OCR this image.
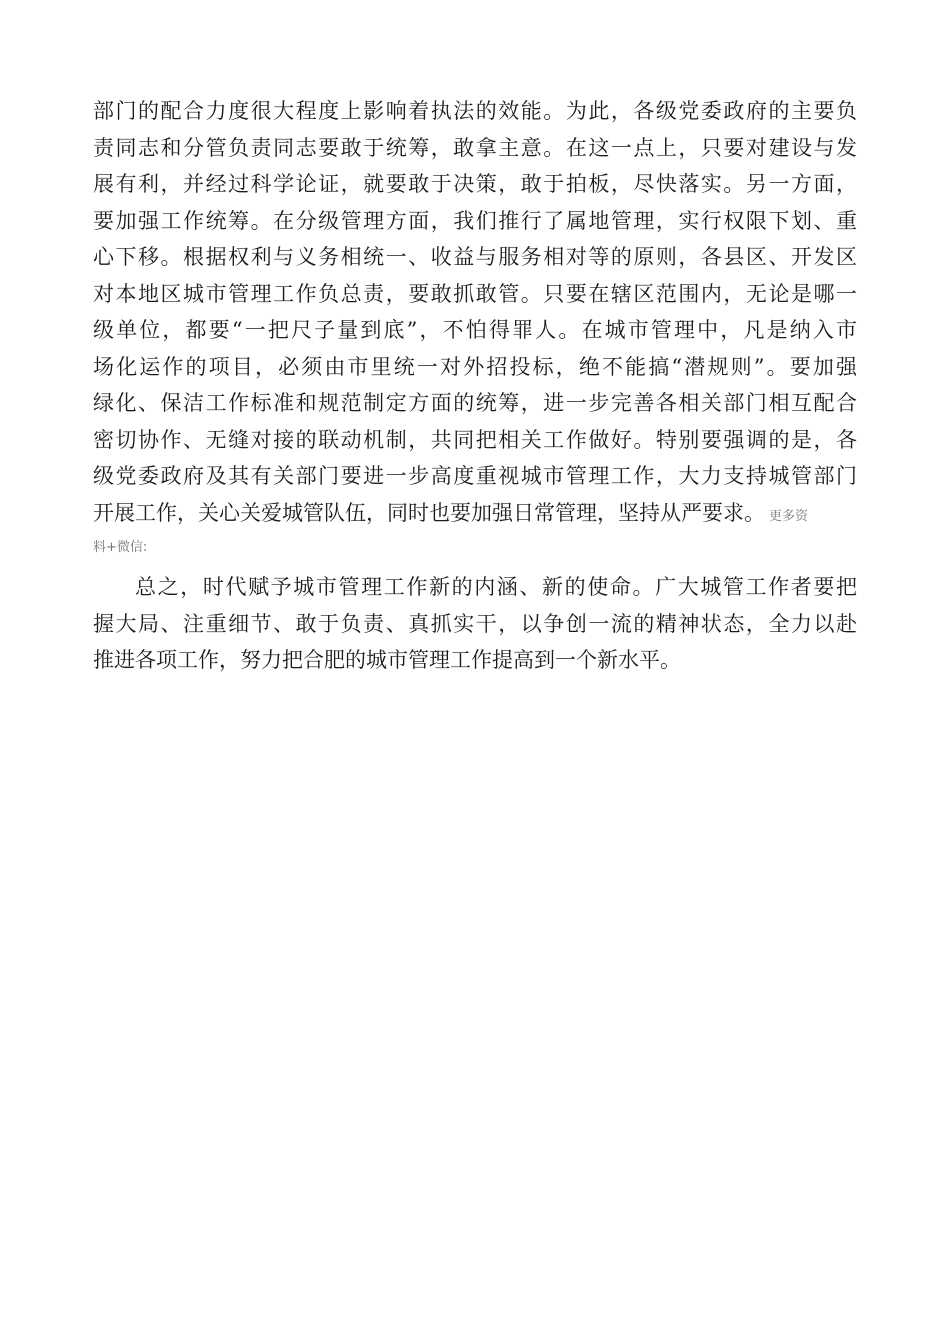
部门的配合力度很大程度上影响着执法的效能。为此，各级党委政府的主要负
责同志和分管负责同志要敢于统筹，敢拿主意。在这一点上，只要对建设与发
展有利，并经过科学论证，就要敢于决策，敢于拍板，尽快落实。另一方面，
要加强工作统筹。在分级管理方面，我们推行了属地管理，实行权限下划、重
心下移。根据权利与义务相统一、收益与服务相对等的原则，各县区、开发区
对本地区城市管理工作负总责，要敢抓敢管。只要在辖区范围内，无论是哪一
级单位，都要“一把尺子量到底”，不怕得罪人。在城市管理中，凡是纳入市
场化运作的项目，必须由市里统一对外招投标，绝不能搞“潜规则”。要加强
绿化、保洁工作标准和规范制定方面的统筹，进一步完善各相关部门相互配合
密切协作、无缝对接的联动机制，共同把相关工作做好。特别要强调的是，各
级党委政府及其有关部门要进一步高度重视城市管理工作，大力支持城管部门
开展工作，关心关爱城管队伍，同时也要加强日常管理，坚持从严要求。 更多资
料+微信:
总之，时代赋予城市管理工作新的内涵、新的使命。广大城管工作者要把
握大局、注重细节、敢于负责、真抓实干，以争创一流的精神状态，全力以赴
推进各项工作，努力把合肥的城市管理工作提高到一个新水平。
